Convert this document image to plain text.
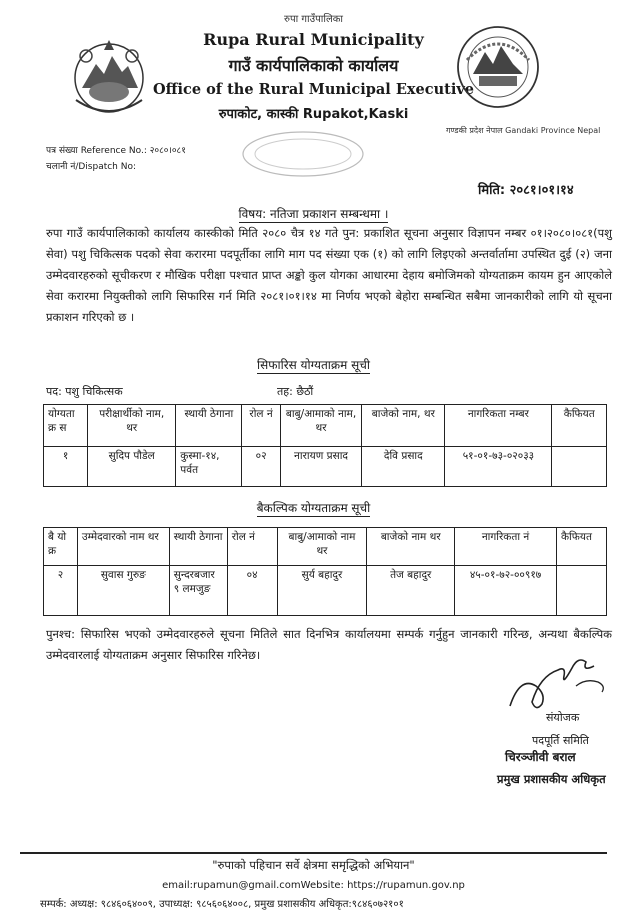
रुपा गाउँपालिका
Rupa Rural Municipality
गाउँ कार्यपालिकाको कार्यालय
Office of the Rural Municipal Executive
रुपाकोट, कास्की Rupakot,Kaski
गण्डकी प्रदेश नेपाल Gandaki Province Nepal
पत्र संख्या Reference No.: २०८०।०८१
चलानी नं/Dispatch No:
मिति: २०८१।०१।१४
विषय: नतिजा प्रकाशन सम्बन्धमा ।
रुपा गाउँ कार्यपालिकाको कार्यालय कास्कीको मिति २०८० चैत्र १४ गते पुन: प्रकाशित सूचना अनुसार विज्ञापन नम्बर ०१।२०८०।०८१(पशु सेवा) पशु चिकित्सक पदको सेवा करारमा पदपूर्तीका लागि माग पद संख्या एक (१) को लागि लिइएको अन्तर्वार्तामा उपस्थित दुई (२) जना उम्मेदवारहरुको सूचीकरण र मौखिक परीक्षा पश्चात प्राप्त अङ्को कुल योगका आधारमा देहाय बमोजिमको योग्यताक्रम कायम हुन आएकोले सेवा करारमा नियुक्तीको लागि सिफारिस गर्न मिति २०८१।०१।१४ मा निर्णय भएको बेहोरा सम्बन्धित सबैमा जानकारीको लागि यो सूचना प्रकाशन गरिएको छ ।
सिफारिस योग्यताक्रम सूची
पद: पशु चिकित्सक	तह: छैठौं
योग्यता क्र स	परीक्षार्थीको नाम, थर	स्थायी ठेगाना	रोल नं	बाबु/आमाको नाम, थर	बाजेको नाम, थर	नागरिकता नम्बर	कैफियत
१	सुदिप पौडेल	कुस्मा-१४, पर्वत	०२	नारायण प्रसाद	देवि प्रसाद	५१-०१-७३-०२०३३	
बैकल्पिक योग्यताक्रम सूची
बै यो क्र	उम्मेदवारको नाम थर	स्थायी ठेगाना	रोल नं	बाबु/आमाको नाम थर	बाजेको नाम थर	नागरिकता नं	कैफियत
२	सुवास गुरुङ	सुन्दरबजार ९ लमजुङ	०४	सुर्य बहादुर	तेज बहादुर	४५-०१-७२-००९१७	
पुनश्च: सिफारिस भएको उम्मेदवारहरुले सूचना मितिले सात दिनभित्र कार्यालयमा सम्पर्क गर्नुहुन जानकारी गरिन्छ, अन्यथा बैकल्पिक उम्मेदवारलाई योग्यताक्रम अनुसार सिफारिस गरिनेछ।
संयोजक
पदपूर्ति समिति
चिरञ्जीवी बराल
प्रमुख प्रशासकीय अधिकृत
"रुपाको पहिचान सर्वे क्षेत्रमा समृद्धिको अभियान"
email:rupamun@gmail.comWebsite: https://rupamun.gov.np
सम्पर्क: अध्यक्ष: ९८४६०६४००९, उपाध्यक्ष: ९८५६०६४००८, प्रमुख प्रशासकीय अधिकृत:९८४६०७२१०१
